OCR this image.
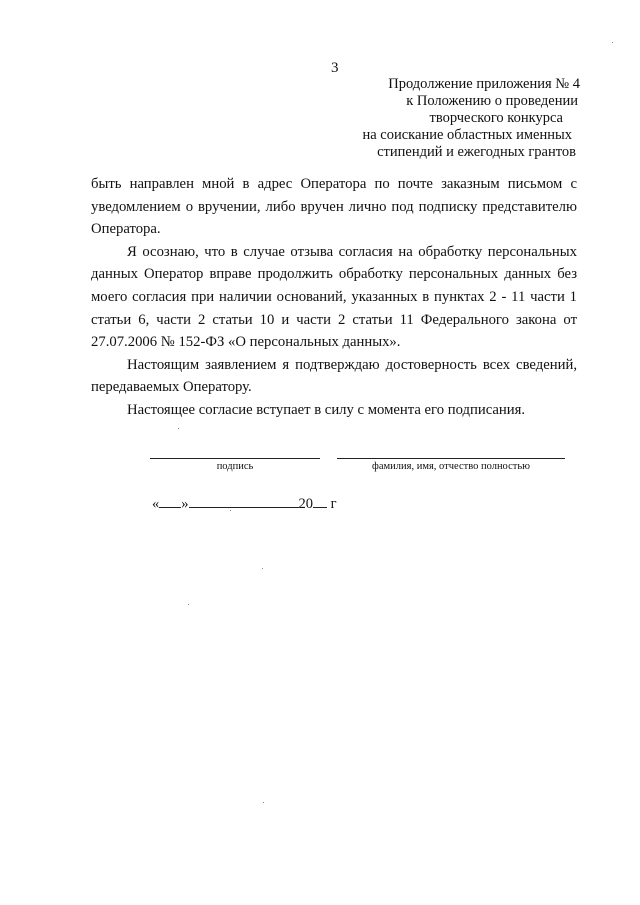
3
Продолжение приложения № 4
к Положению о проведении
творческого конкурса
на соискание областных именных
стипендий и ежегодных грантов

быть направлен мной в адрес Оператора по почте заказным письмом с уведомлением о вручении, либо вручен лично под подписку представителю Оператора.

Я осознаю, что в случае отзыва согласия на обработку персональных данных Оператор вправе продолжить обработку персональных данных без моего согласия при наличии оснований, указанных в пунктах 2 - 11 части 1 статьи 6, части 2 статьи 10 и части 2 статьи 11 Федерального закона от 27.07.2006 № 152-ФЗ «О персональных данных».

Настоящим заявлением я подтверждаю достоверность всех сведений, передаваемых Оператору.

Настоящее согласие вступает в силу с момента его подписания.

подпись	фамилия, имя, отчество полностью
« »	20 г
